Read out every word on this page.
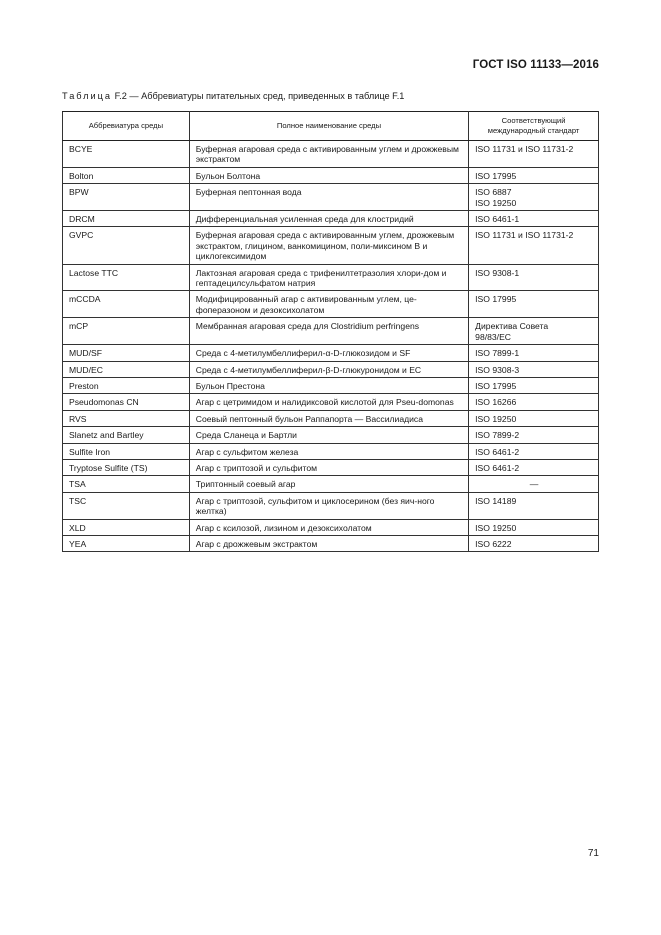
ГОСТ ISO 11133—2016
Таблица F.2 — Аббревиатуры питательных сред, приведенных в таблице F.1
Аббревиатура среды	Полное наименование среды	Соответствующий международный стандарт
BCYE	Буферная агаровая среда с активированным углем и дрожжевым экстрактом	ISO 11731 и ISO 11731-2
Bolton	Бульон Болтона	ISO 17995
BPW	Буферная пептонная вода	ISO 6887
ISO 19250
DRCM	Дифференциальная усиленная среда для клостридий	ISO 6461-1
GVPC	Буферная агаровая среда с активированным углем, дрожжевым экстрактом, глицином, ванкомицином, поли-миксином В и циклогексимидом	ISO 11731 и ISO 11731-2
Lactose TTC	Лактозная агаровая среда с трифенилтетразолия хлори-дом и гептадецилсульфатом натрия	ISO 9308-1
mCCDA	Модифицированный агар с активированным углем, це-фоперазоном и дезоксихолатом	ISO 17995
mCP	Мембранная агаровая среда для Clostridium perfringens	Директива Совета
98/83/ЕС
MUD/SF	Среда с 4-метилумбеллиферил-α-D-глюкозидом и SF	ISO 7899-1
MUD/EC	Среда с 4-метилумбеллиферил-β-D-глюкуронидом и ЕС	ISO 9308-3
Preston	Бульон Престона	ISO 17995
Pseudomonas CN	Агар с цетримидом и налидиксовой кислотой для Pseu-domonas	ISO 16266
RVS	Соевый пептонный бульон Раппапорта — Вассилиадиса	ISO 19250
Slanetz and Bartley	Среда Сланеца и Бартли	ISO 7899-2
Sulfite Iron	Агар с сульфитом железа	ISO 6461-2
Tryptose Sulfite (TS)	Агар с триптозой и сульфитом	ISO 6461-2
TSA	Триптонный соевый агар	—
TSC	Агар с триптозой, сульфитом и циклосерином (без яич-ного желтка)	ISO 14189
XLD	Агар с ксилозой, лизином и дезоксихолатом	ISO 19250
YEA	Агар с дрожжевым экстрактом	ISO 6222
71
